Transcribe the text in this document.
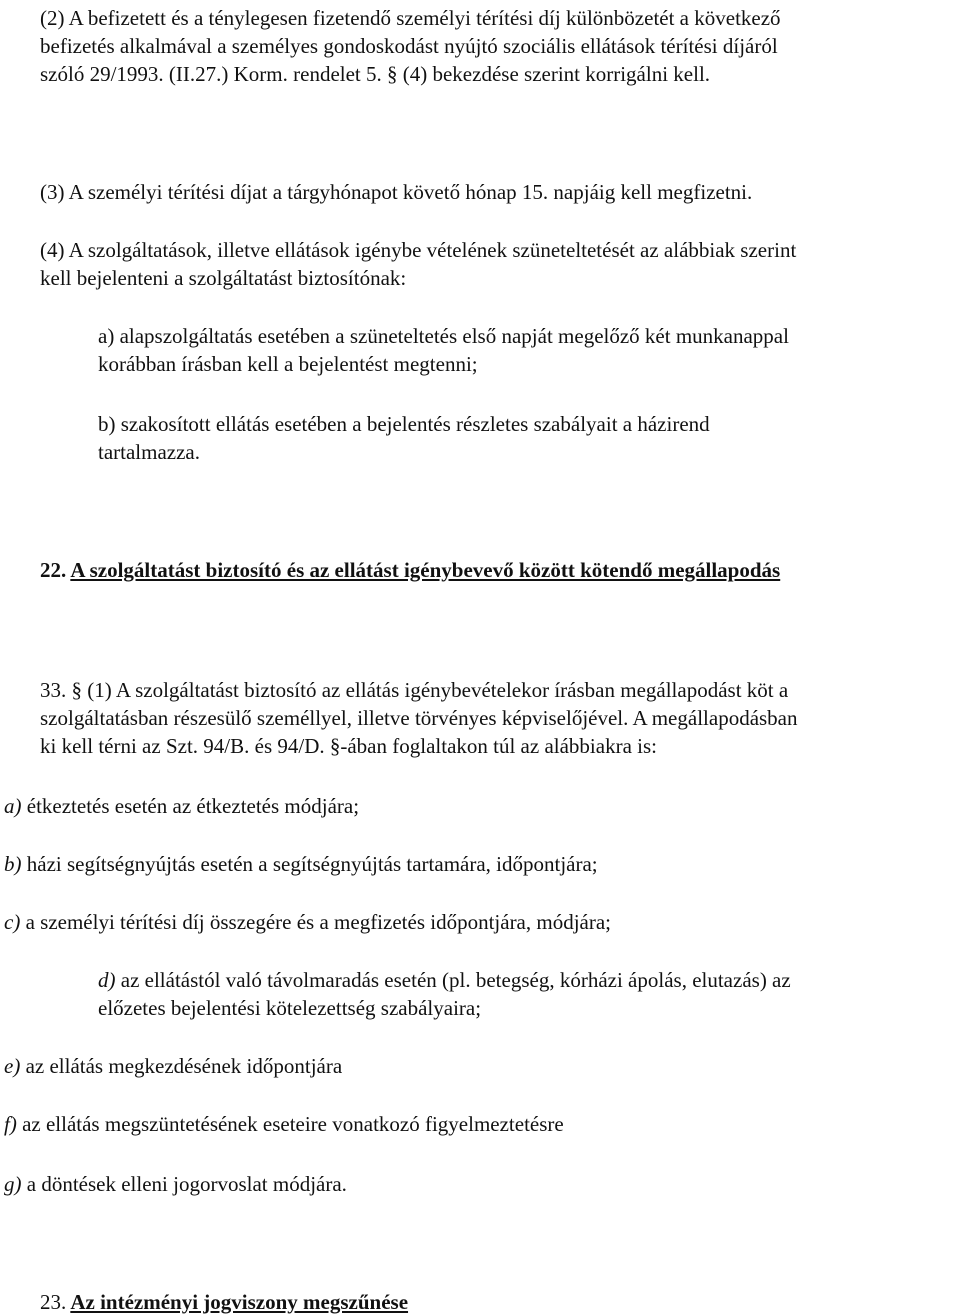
(2) A befizetett és a ténylegesen fizetendő személyi térítési díj különbözetét a következő
befizetés alkalmával a személyes gondoskodást nyújtó szociális ellátások térítési díjáról
szóló 29/1993. (II.27.) Korm. rendelet 5. § (4) bekezdése szerint korrigálni kell.
(3) A személyi térítési díjat a tárgyhónapot követő hónap 15. napjáig kell megfizetni.
(4) A szolgáltatások, illetve ellátások igénybe vételének szüneteltetését az alábbiak szerint
kell bejelenteni a szolgáltatást biztosítónak:
a) alapszolgáltatás esetében a szüneteltetés első napját megelőző két munkanappal
korábban írásban kell a bejelentést megtenni;
b) szakosított ellátás esetében a bejelentés részletes szabályait a házirend
tartalmazza.
22. A szolgáltatást biztosító és az ellátást igénybevevő között kötendő megállapodás
33. § (1) A szolgáltatást biztosító az ellátás igénybevételekor írásban megállapodást köt a
szolgáltatásban részesülő személlyel, illetve törvényes képviselőjével. A megállapodásban
ki kell térni az Szt. 94/B. és 94/D. §-ában foglaltakon túl az alábbiakra is:
a) étkeztetés esetén az étkeztetés módjára;
b) házi segítségnyújtás esetén a segítségnyújtás tartamára, időpontjára;
c) a személyi térítési díj összegére és a megfizetés időpontjára, módjára;
d) az ellátástól való távolmaradás esetén (pl. betegség, kórházi ápolás, elutazás) az
előzetes bejelentési kötelezettség szabályaira;
e) az ellátás megkezdésének időpontjára
f) az ellátás megszüntetésének eseteire vonatkozó figyelmeztetésre
g) a döntések elleni jogorvoslat módjára.
23. Az intézményi jogviszony megszűnése
